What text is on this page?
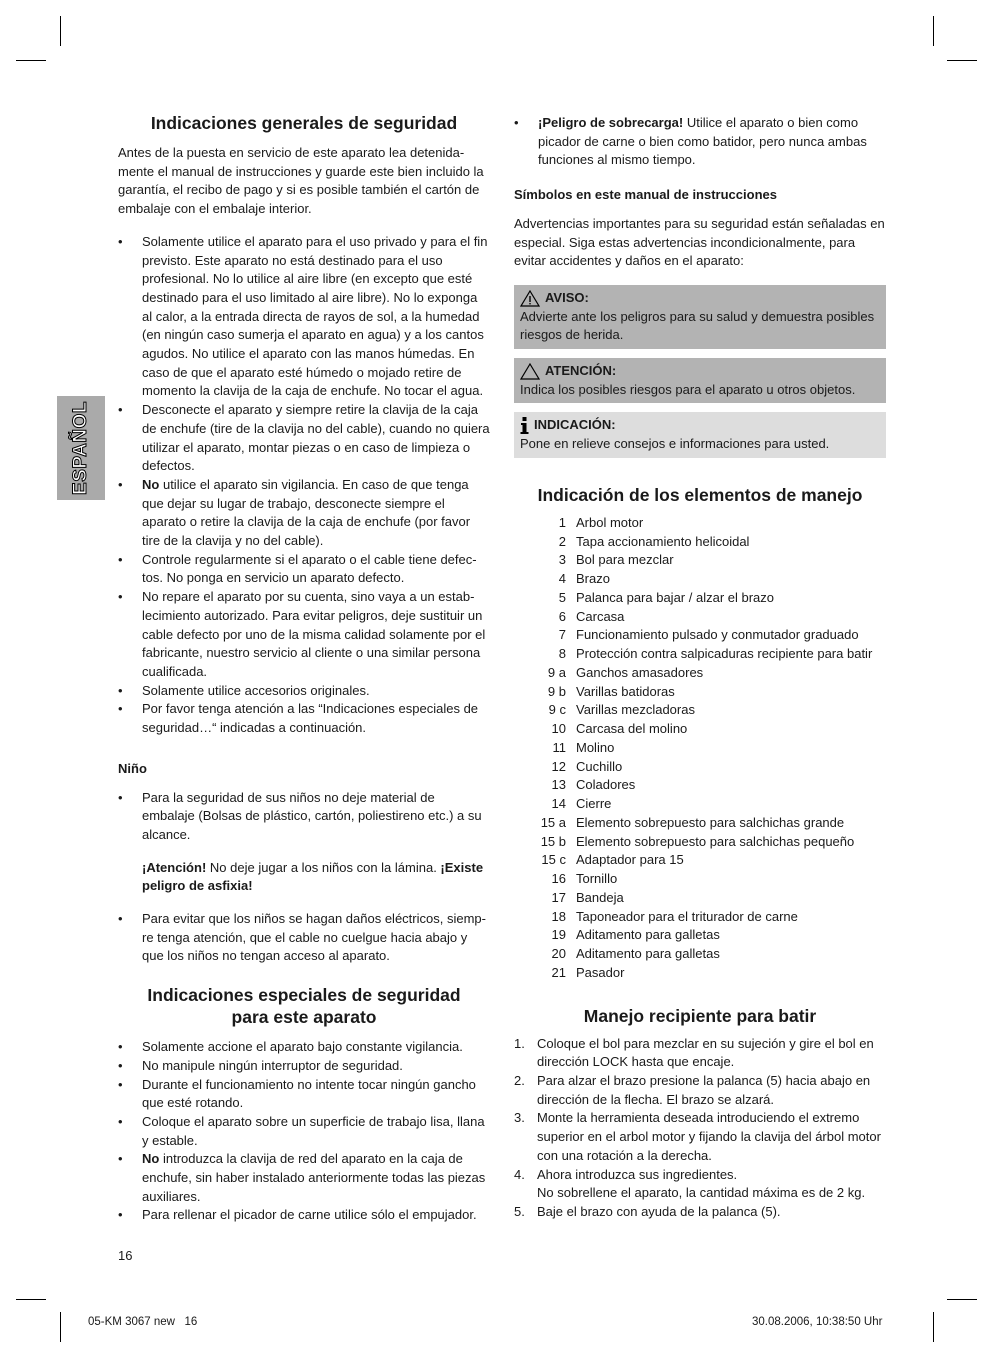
ESPAÑOL
Indicaciones generales de seguridad

Antes de la puesta en servicio de este aparato lea detenidamente el manual de instrucciones y guarde este bien incluido la garantía, el recibo de pago y si es posible también el cartón de embalaje con el embalaje interior.

• Solamente utilice el aparato para el uso privado y para el fin previsto. Este aparato no está destinado para el uso profesional. No lo utilice al aire libre (en excepto que esté destinado para el uso limitado al aire libre). No lo exponga al calor, a la entrada directa de rayos de sol, a la humedad (en ningún caso sumerja el aparato en agua) y a los cantos agudos. No utilice el aparato con las manos húmedas. En caso de que el aparato esté húmedo o mojado retire de momento la clavija de la caja de enchufe. No tocar el agua.
• Desconecte el aparato y siempre retire la clavija de la caja de enchufe (tire de la clavija no del cable), cuando no quiera utilizar el aparato, montar piezas o en caso de limpieza o defectos.
• No utilice el aparato sin vigilancia. En caso de que tenga que dejar su lugar de trabajo, desconecte siempre el aparato o retire la clavija de la caja de enchufe (por favor tire de la clavija y no del cable).
• Controle regularmente si el aparato o el cable tiene defectos. No ponga en servicio un aparato defecto.
• No repare el aparato por su cuenta, sino vaya a un establecimiento autorizado. Para evitar peligros, deje sustituir un cable defecto por uno de la misma calidad solamente por el fabricante, nuestro servicio al cliente o una similar persona cualificada.
• Solamente utilice accesorios originales.
• Por favor tenga atención a las “Indicaciones especiales de seguridad…“ indicadas a continuación.
Niño
• Para la seguridad de sus niños no deje material de embalaje (Bolsas de plástico, cartón, poliestireno etc.) a su alcance.
¡Atención! No deje jugar a los niños con la lámina. ¡Existe peligro de asfixia!
• Para evitar que los niños se hagan daños eléctricos, siempre tenga atención, que el cable no cuelgue hacia abajo y que los niños no tengan acceso al aparato.
Indicaciones especiales de seguridad
para este aparato
• Solamente accione el aparato bajo constante vigilancia.
• No manipule ningún interruptor de seguridad.
• Durante el funcionamiento no intente tocar ningún gancho que esté rotando.
• Coloque el aparato sobre un superficie de trabajo lisa, llana y estable.
• No introduzca la clavija de red del aparato en la caja de enchufe, sin haber instalado anteriormente todas las piezas auxiliares.
• Para rellenar el picador de carne utilice sólo el empujador.
• ¡Peligro de sobrecarga! Utilice el aparato o bien como picador de carne o bien como batidor, pero nunca ambas funciones al mismo tiempo.
Símbolos en este manual de instrucciones

Advertencias importantes para su seguridad están señaladas en especial. Siga estas advertencias incondicionalmente, para evitar accidentes y daños en el aparato:

AVISO:
Advierte ante los peligros para su salud y demuestra posibles riesgos de herida.
ATENCIÓN:
Indica los posibles riesgos para el aparato u otros objetos.
INDICACIÓN:
Pone en relieve consejos e informaciones para usted.
Indicación de los elementos de manejo
1	Arbol motor
2	Tapa accionamiento helicoidal
3	Bol para mezclar
4	Brazo
5	Palanca para bajar / alzar el brazo
6	Carcasa
7	Funcionamiento pulsado y conmutador graduado
8	Protección contra salpicaduras recipiente para batir
9 a	Ganchos amasadores
9 b	Varillas batidoras
9 c	Varillas mezcladoras
10	Carcasa del molino
11	Molino
12	Cuchillo
13	Coladores
14	Cierre
15 a	Elemento sobrepuesto para salchichas grande
15 b	Elemento sobrepuesto para salchichas pequeño
15 c	Adaptador para 15
16	Tornillo
17	Bandeja
18	Taponeador para el triturador de carne
19	Aditamento para galletas
20	Aditamento para galletas
21	Pasador
Manejo recipiente para batir
1. Coloque el bol para mezclar en su sujeción y gire el bol en dirección LOCK hasta que encaje.
2. Para alzar el brazo presione la palanca (5) hacia abajo en dirección de la flecha. El brazo se alzará.
3. Monte la herramienta deseada introduciendo el extremo superior en el arbol motor y fijando la clavija del árbol motor con una rotación a la derecha.
4. Ahora introduzca sus ingredientes.
No sobrellene el aparato, la cantidad máxima es de 2 kg.
5. Baje el brazo con ayuda de la palanca (5).
16
05-KM 3067 new   16	30.08.2006, 10:38:50 Uhr
